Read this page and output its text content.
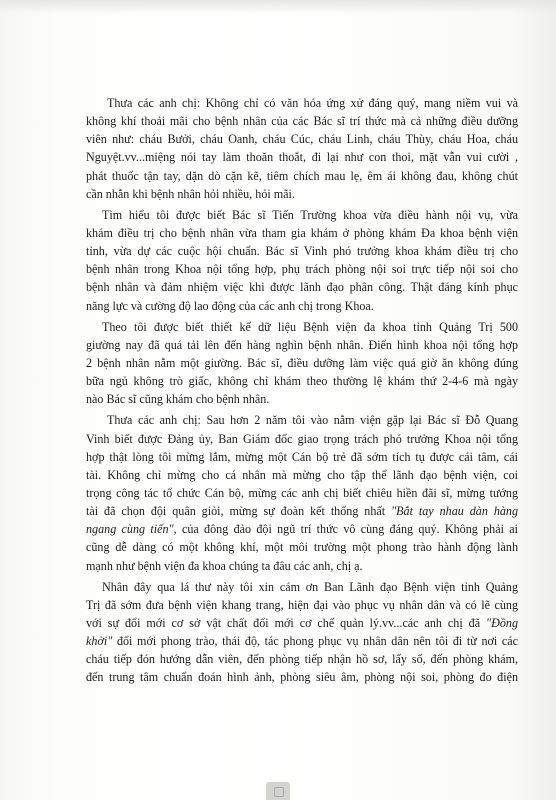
Thưa các anh chị: Không chỉ có văn hóa ứng xử đáng quý, mang niềm vui và
không khí thoải mãi cho bệnh nhân của các Bác sĩ trí thức mà cả những điều dưỡng
viên như: cháu Bưởi, cháu Oanh, cháu Cúc, cháu Linh, cháu Thùy, cháu Hoa, cháu
Nguyệt.vv...miệng nói tay làm thoăn thoắt, đi lại như con thoi, mặt vẫn vui cười ,
phát thuốc tận tay, dặn dò cặn kẽ, tiêm chích mau lẹ, êm ái không đau, không chút
cần nhằn khi bệnh nhân hỏi nhiều, hỏi mãi.
Tìm hiểu tôi được biết Bác sĩ Tiến Trường khoa vừa điều hành nội vụ, vừa
khám điều trị cho bệnh nhân vừa tham gia khám ở phòng khám Đa khoa bệnh viện
tỉnh, vừa dự các cuộc hội chuẩn. Bác sĩ Vinh phó trưởng khoa khám điều trị cho
bệnh nhân trong Khoa nội tổng hợp, phụ trách phòng nội soi trực tiếp nội soi cho
bệnh nhân và đảm nhiệm việc khi được lãnh đạo phân công. Thật đáng kính phục
năng lực và cường độ lao động của các anh chị trong Khoa.
Theo tôi được biết thiết kế dữ liệu Bệnh viện đa khoa tỉnh Quảng Trị 500
giường nay đã quá tải lên đến hàng nghìn bệnh nhân. Điển hình khoa nội tổng hợp
2 bệnh nhân nằm một giường. Bác sĩ, điều dưỡng làm việc quá giờ ăn không đúng
bữa ngủ không trò giấc, không chỉ khám theo thường lệ khám thứ 2-4-6 mà ngày
nào Bác sĩ cũng khám cho bệnh nhân.
Thưa các anh chị: Sau hơn 2 năm tôi vào nằm viện gặp lại Bác sĩ Đỗ Quang
Vinh biết được Đảng ủy, Ban Giám đốc giao trọng trách phó trưởng Khoa nội tổng
hợp thật lòng tôi mừng lắm, mừng một Cán bộ trẻ đã sớm tích tụ được cái tâm, cái
tài. Không chỉ mừng cho cá nhân mà mừng cho tập thể lãnh đạo bệnh viện, coi
trọng công tác tổ chức Cán bộ, mừng các anh chị biết chiêu hiền đãi sĩ, mừng tướng
tài đã chọn đội quân giỏi, mừng sự đoàn kết thống nhất "Bắt tay nhau dàn hàng
ngang cùng tiến", của đông đảo đội ngũ trí thức vô cùng đáng quý. Không phải ai
cũng dễ dàng có một không khí, một môi trường một phong trào hành động lành
mạnh như bệnh viện đa khoa chúng ta đâu các anh, chị ạ.
Nhân đây qua lá thư này tôi xin cám ơn Ban Lãnh đạo Bệnh viện tỉnh Quảng
Trị đã sớm đưa bệnh viện khang trang, hiện đại vào phục vụ nhân dân và có lẽ cùng
với sự đổi mới cơ sở vật chất đổi mới cơ chế quản lý.vv...các anh chị đã "Đồng
khởi" đổi mới phong trào, thái độ, tác phong phục vụ nhân dân nên tôi đi từ nơi các
cháu tiếp đón hướng dẫn viên, đến phòng tiếp nhận hồ sơ, lấy số, đến phòng khám,
đến trung tâm chuẩn đoán hình ảnh, phòng siêu âm, phòng nội soi, phòng đo điện
